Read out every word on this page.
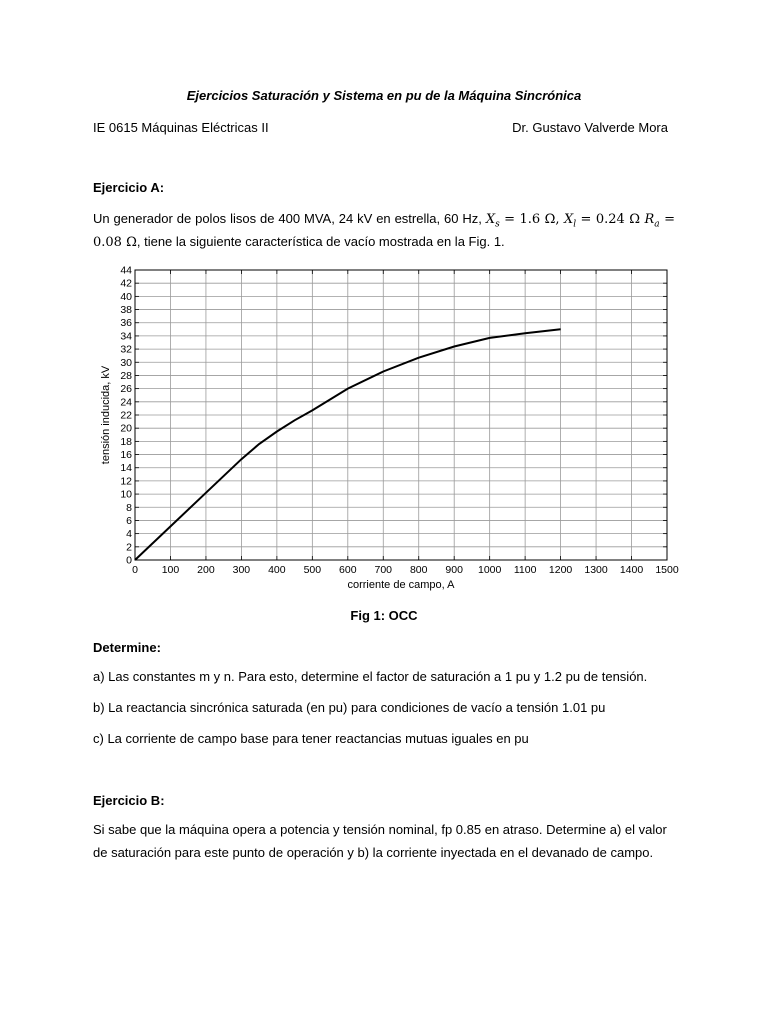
Ejercicios Saturación y Sistema en pu de la Máquina Sincrónica
IE 0615 Máquinas Eléctricas II	Dr. Gustavo Valverde Mora
Ejercicio A:
Un generador de polos lisos de 400 MVA, 24 kV en estrella, 60 Hz, $X_s = 1.6$ Ω, $X_l = 0.24$ Ω $R_a$ =
0.08 Ω, tiene la siguiente característica de vacío mostrada en la Fig. 1.
0 100 200 300 400 500 600 700 800 900 1000 1100 1200 1300 1400 1500
0
2
4
6
8
10
12
14
16
18
20
22
24
26
28
30
32
34
36
38
40
42
44
corriente de campo, A
tensión inducida, kV
Fig 1: OCC
Determine:
a) Las constantes m y n. Para esto, determine el factor de saturación a 1 pu y 1.2 pu de tensión.
b) La reactancia sincrónica saturada (en pu) para condiciones de vacío a tensión 1.01 pu
c) La corriente de campo base para tener reactancias mutuas iguales en pu
Ejercicio B:
Si sabe que la máquina opera a potencia y tensión nominal, fp 0.85 en atraso. Determine a) el valor
de saturación para este punto de operación y b) la corriente inyectada en el devanado de campo.
